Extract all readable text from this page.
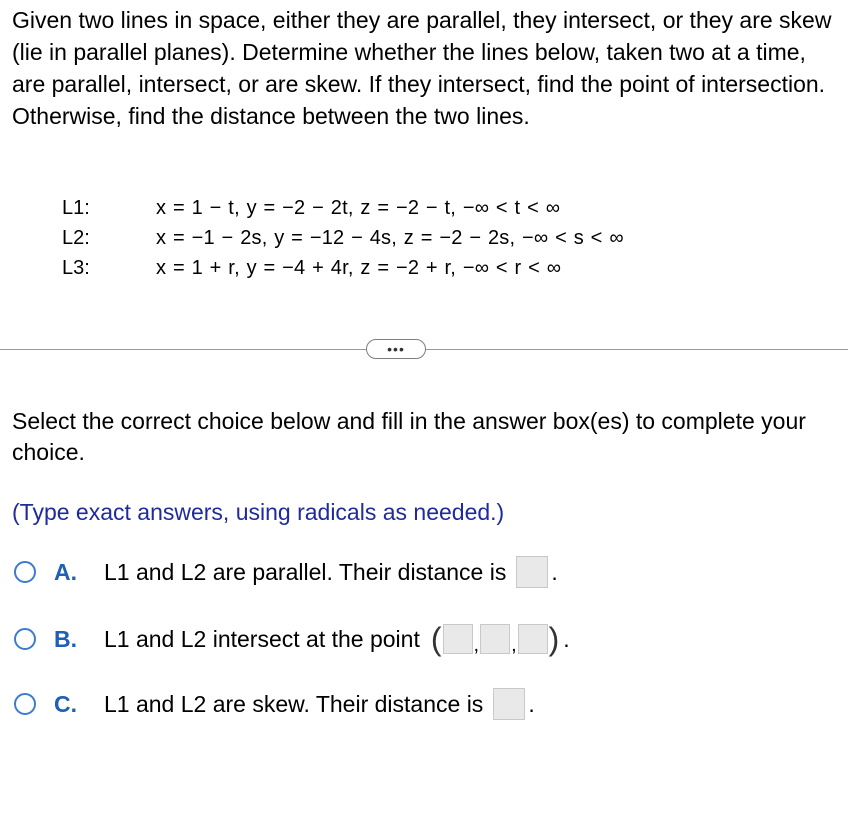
Given two lines in space, either they are parallel, they intersect, or they are skew (lie in parallel planes). Determine whether the lines below, taken two at a time, are parallel, intersect, or are skew. If they intersect, find the point of intersection. Otherwise, find the distance between the two lines.

L1:	x = 1 − t, y = −2 − 2t, z = −2 − t, −∞ < t < ∞
L2:	x = −1 − 2s, y = −12 − 4s, z = −2 − 2s, −∞ < s < ∞
L3:	x = 1 + r, y = −4 + 4r, z = −2 + r, −∞ < r < ∞
•••

Select the correct choice below and fill in the answer box(es) to complete your choice.

(Type exact answers, using radicals as needed.)

A.	L1 and L2 are parallel. Their distance is .
B.	L1 and L2 intersect at the point ( , , ) .
C.	L1 and L2 are skew. Their distance is .
